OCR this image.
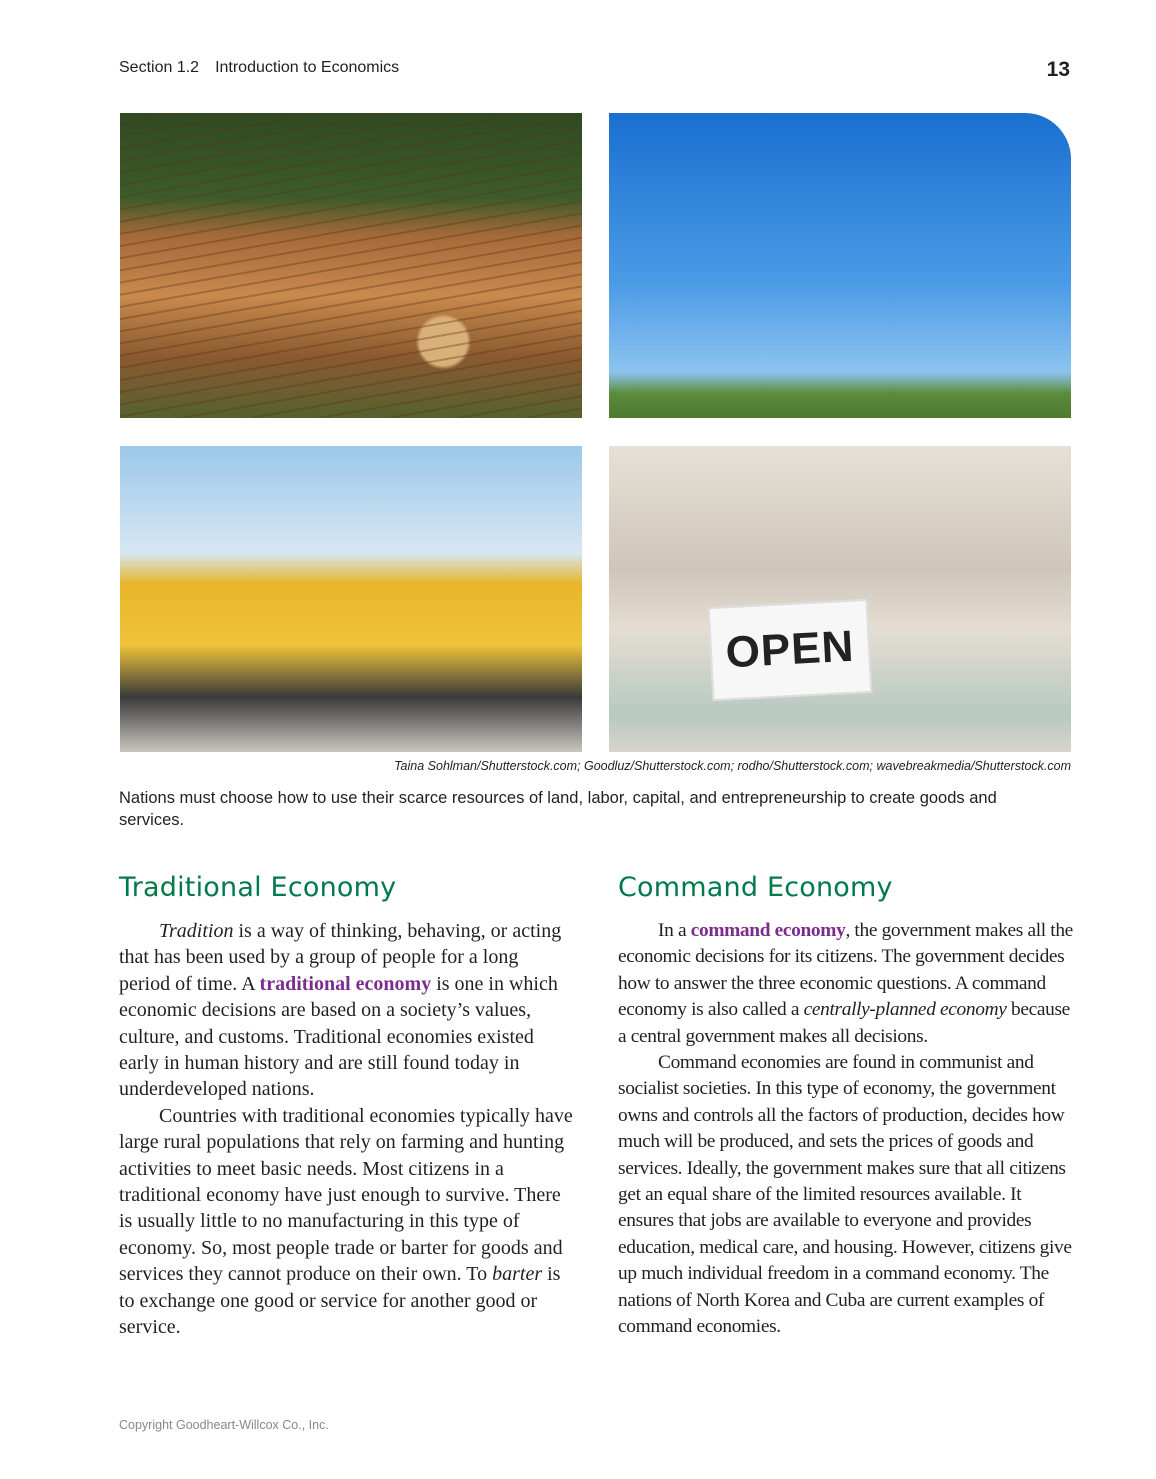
Section 1.2 Introduction to Economics	13
OPEN
Taina Sohlman/Shutterstock.com; Goodluz/Shutterstock.com; rodho/Shutterstock.com; wavebreakmedia/Shutterstock.com
Nations must choose how to use their scarce resources of land, labor, capital, and entrepreneurship to create goods and services.
Traditional Economy

Tradition is a way of thinking, behaving, or acting that has been used by a group of people for a long period of time. A traditional economy is one in which economic decisions are based on a society’s values, culture, and customs. Traditional economies existed early in human history and are still found today in underdeveloped nations.

Countries with traditional economies typically have large rural populations that rely on farming and hunting activities to meet basic needs. Most citizens in a traditional economy have just enough to survive. There is usually little to no manufacturing in this type of economy. So, most people trade or barter for goods and services they cannot produce on their own. To barter is to exchange one good or service for another good or service.

Command Economy

In a command economy, the government makes all the economic decisions for its citizens. The government decides how to answer the three economic questions. A command economy is also called a centrally-planned economy because a central government makes all decisions.

Command economies are found in communist and socialist societies. In this type of economy, the government owns and controls all the factors of production, decides how much will be produced, and sets the prices of goods and services. Ideally, the government makes sure that all citizens get an equal share of the limited resources available. It ensures that jobs are available to everyone and provides education, medical care, and housing. However, citizens give up much individual freedom in a command economy. The nations of North Korea and Cuba are current examples of command economies.

Copyright Goodheart-Willcox Co., Inc.
